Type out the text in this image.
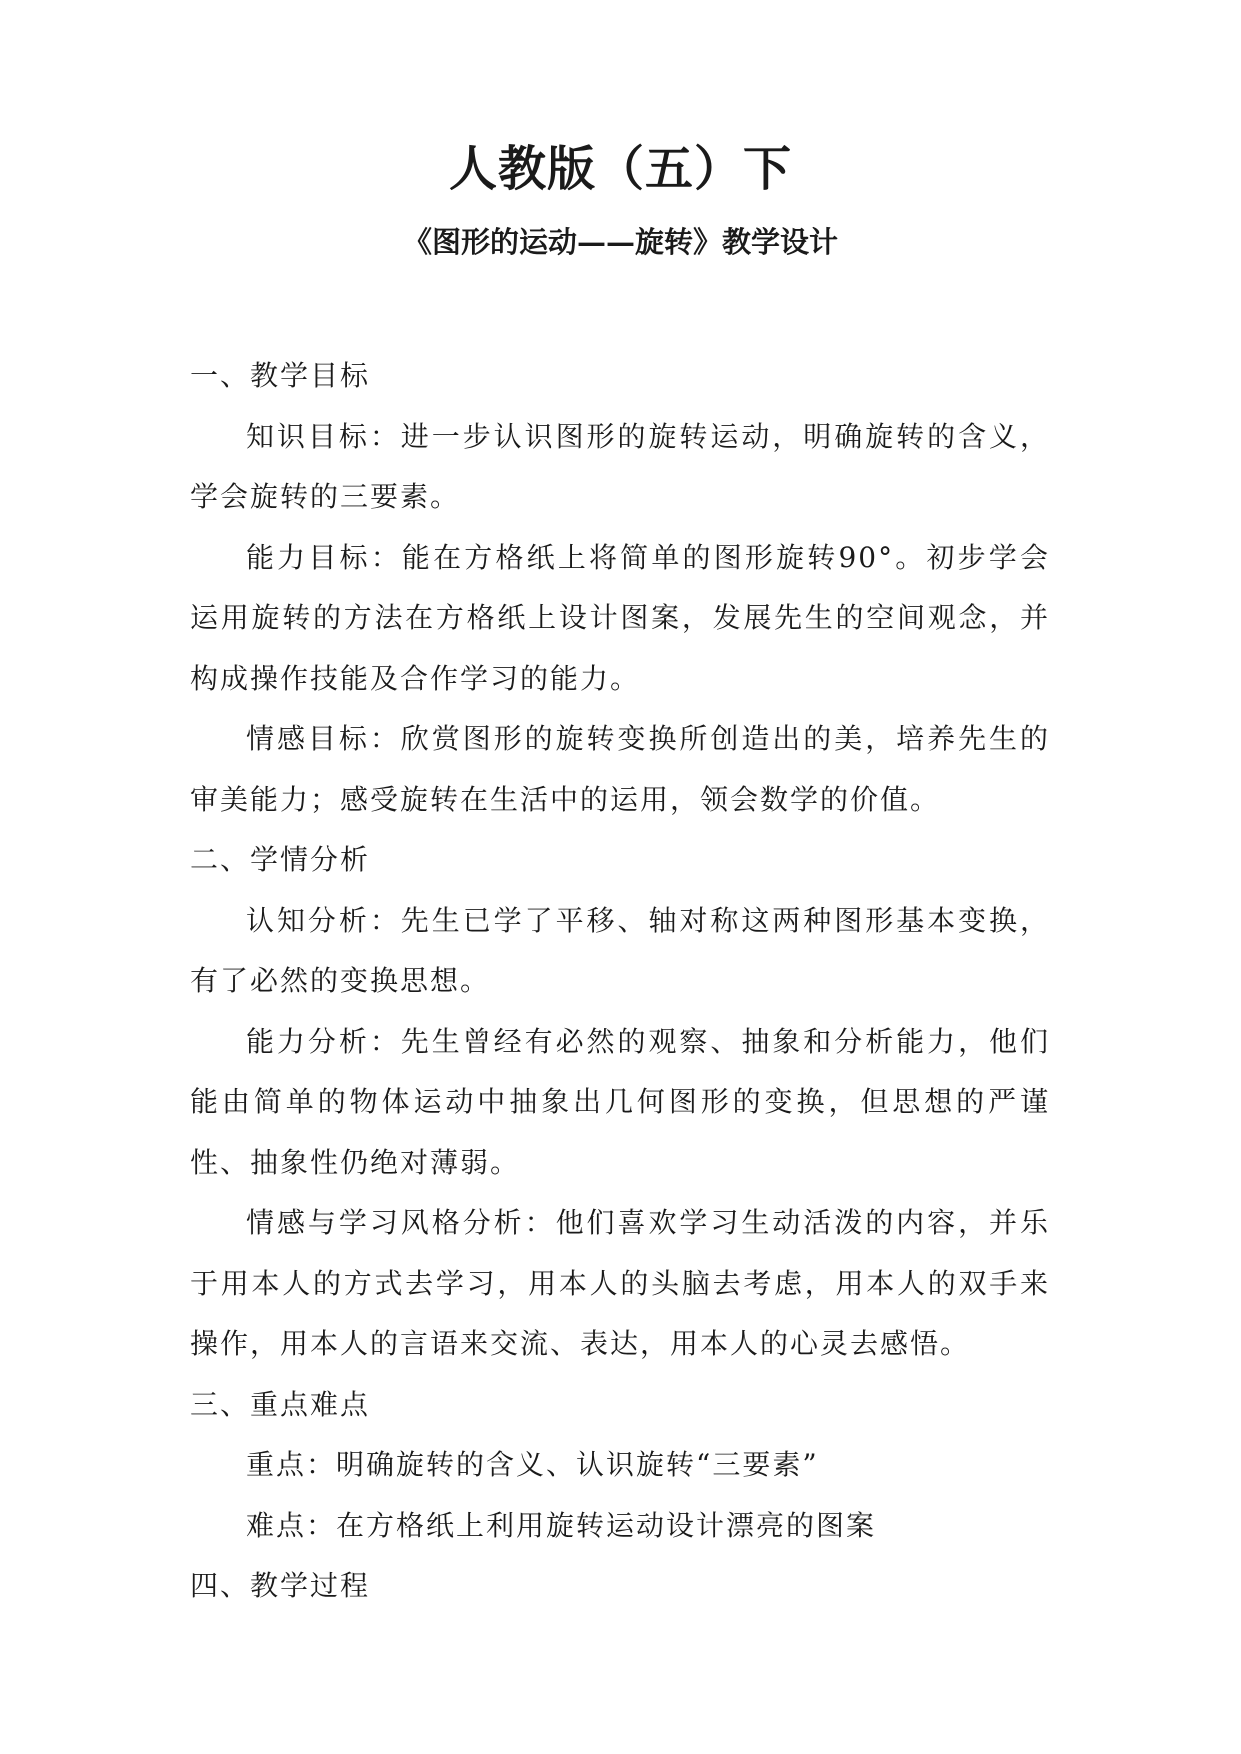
人教版（五）下
《图形的运动——旋转》教学设计

一、教学目标

知识目标：进一步认识图形的旋转运动，明确旋转的含义，学会旋转的三要素。

能力目标：能在方格纸上将简单的图形旋转90°。初步学会运用旋转的方法在方格纸上设计图案，发展先生的空间观念，并构成操作技能及合作学习的能力。

情感目标：欣赏图形的旋转变换所创造出的美，培养先生的审美能力；感受旋转在生活中的运用，领会数学的价值。

二、学情分析

认知分析：先生已学了平移、轴对称这两种图形基本变换，有了必然的变换思想。

能力分析：先生曾经有必然的观察、抽象和分析能力，他们能由简单的物体运动中抽象出几何图形的变换，但思想的严谨性、抽象性仍绝对薄弱。

情感与学习风格分析：他们喜欢学习生动活泼的内容，并乐于用本人的方式去学习，用本人的头脑去考虑，用本人的双手来操作，用本人的言语来交流、表达，用本人的心灵去感悟。

三、重点难点

重点：明确旋转的含义、认识旋转“三要素”

难点：在方格纸上利用旋转运动设计漂亮的图案

四、教学过程
